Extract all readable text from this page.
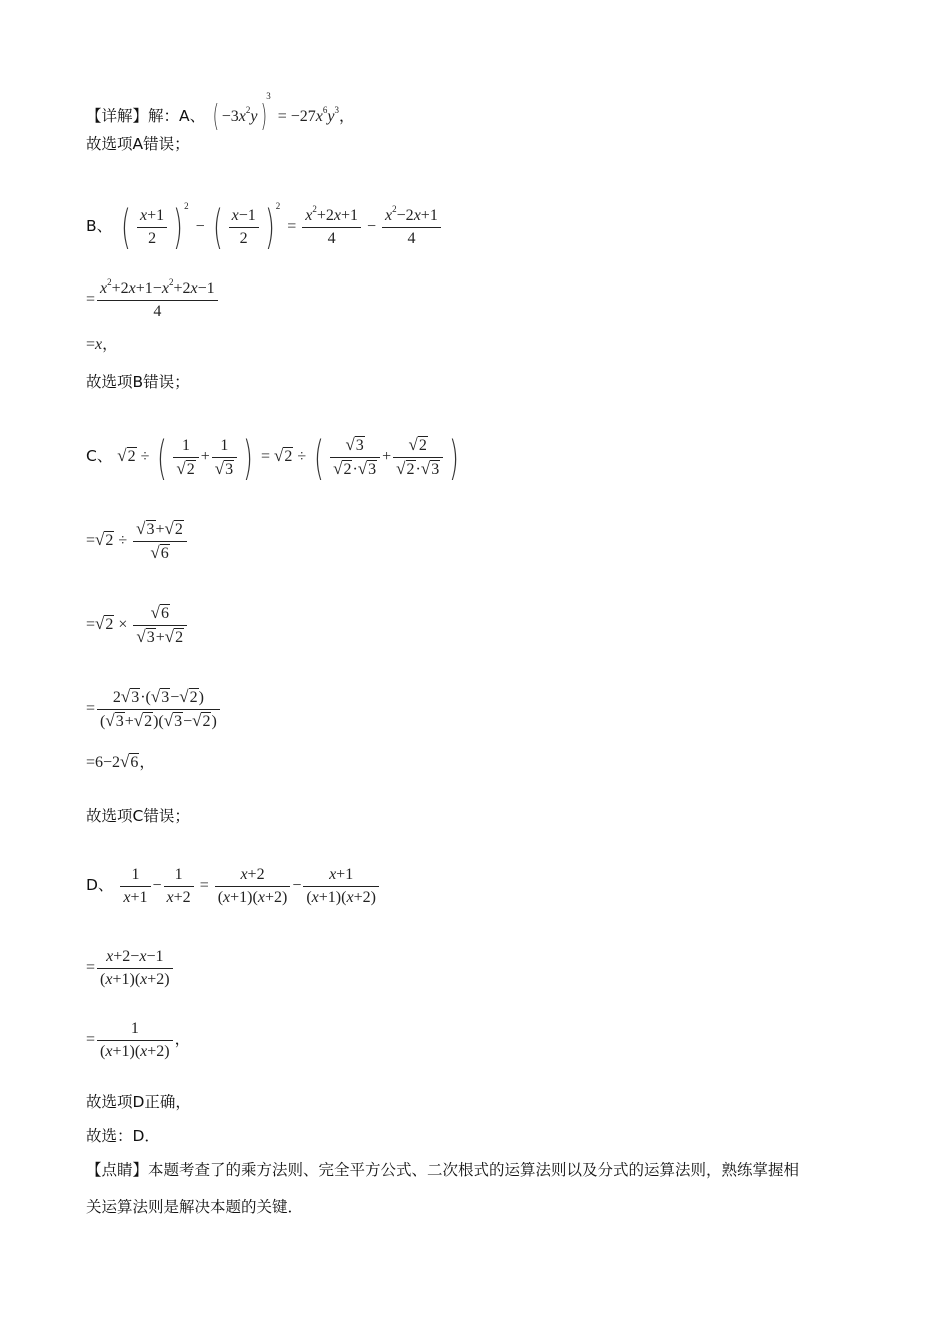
【详解】解：A、 ( $-3x^2y)^3= -27x^6y^3$，
故选项A错误；
B、 ( $\frac{x+1}{2} )^2-$ ( $\frac{x-1}{2} )^2= \frac{x^2+2x+1}{4} - \frac{x^2-2x+1}{4}$
= $\frac{x^2+2x+1-x^2+2x-1}{4}$
=x，
故选项B错误；
C、 √2 ÷ ( $\frac{1}{√2} + \frac{1}{√3}$ ) = √2 ÷ ( $\frac{√3}{√2\cdot√3} + \frac{√2}{√2\cdot√3}$ )
$=√2 \div \frac{√3+√2}{√6}$
$=√2 \times \frac{√6}{√3+√2}$
= $\frac{2√3\cdot(√3-√2)}{(√3+√2)(√3-√2)}$
=6−2√6，
故选项C错误；
D、 $\frac{1}{x+1} - \frac{1}{x+2} = \frac{x+2}{(x+1)(x+2)} - \frac{x+1}{(x+1)(x+2)}$
= $\frac{x+2-x-1}{(x+1)(x+2)}$
= $\frac{1}{(x+1)(x+2)}$ ，
故选项D正确，
故选：D．
【点睛】本题考查了的乘方法则、完全平方公式、二次根式的运算法则以及分式的运算法则，熟练掌握相
关运算法则是解决本题的关键．
